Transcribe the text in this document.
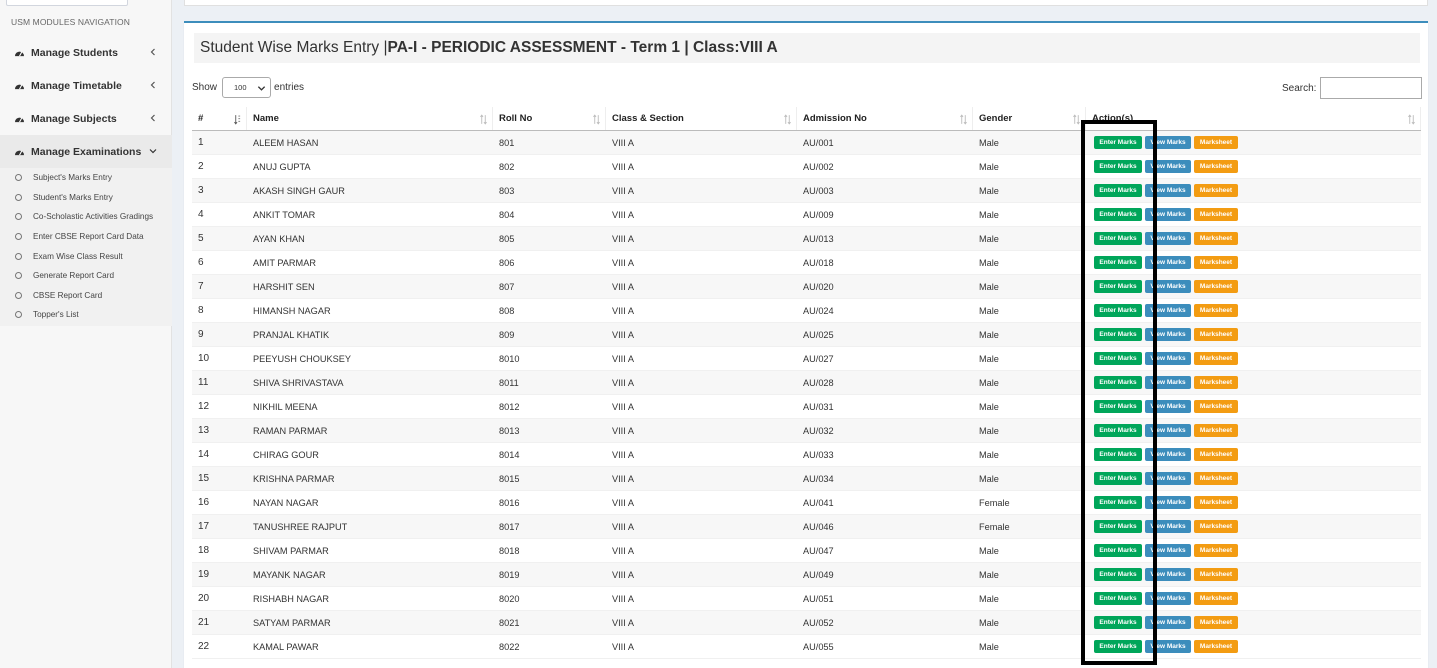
USM MODULES NAVIGATION
Manage Students
Manage Timetable
Manage Subjects
Manage Examinations
Subject's Marks Entry
Student's Marks Entry
Co-Scholastic Activities Gradings
Enter CBSE Report Card Data
Exam Wise Class Result
Generate Report Card
CBSE Report Card
Topper's List
Student Wise Marks Entry | PA-I - PERIODIC ASSESSMENT - Term 1 | Class:VIII A
Show 100	entries	Search:
#	Name	Roll No	Class & Section	Admission No	Gender	Action(s)
1	ALEEM HASAN	801	VIII A	AU/001	Male	Enter Marks	View Marks	Marksheet
2	ANUJ GUPTA	802	VIII A	AU/002	Male	Enter Marks	View Marks	Marksheet
3	AKASH SINGH GAUR	803	VIII A	AU/003	Male	Enter Marks	View Marks	Marksheet
4	ANKIT TOMAR	804	VIII A	AU/009	Male	Enter Marks	View Marks	Marksheet
5	AYAN KHAN	805	VIII A	AU/013	Male	Enter Marks	View Marks	Marksheet
6	AMIT PARMAR	806	VIII A	AU/018	Male	Enter Marks	View Marks	Marksheet
7	HARSHIT SEN	807	VIII A	AU/020	Male	Enter Marks	View Marks	Marksheet
8	HIMANSH NAGAR	808	VIII A	AU/024	Male	Enter Marks	View Marks	Marksheet
9	PRANJAL KHATIK	809	VIII A	AU/025	Male	Enter Marks	View Marks	Marksheet
10	PEEYUSH CHOUKSEY	8010	VIII A	AU/027	Male	Enter Marks	View Marks	Marksheet
11	SHIVA SHRIVASTAVA	8011	VIII A	AU/028	Male	Enter Marks	View Marks	Marksheet
12	NIKHIL MEENA	8012	VIII A	AU/031	Male	Enter Marks	View Marks	Marksheet
13	RAMAN PARMAR	8013	VIII A	AU/032	Male	Enter Marks	View Marks	Marksheet
14	CHIRAG GOUR	8014	VIII A	AU/033	Male	Enter Marks	View Marks	Marksheet
15	KRISHNA PARMAR	8015	VIII A	AU/034	Male	Enter Marks	View Marks	Marksheet
16	NAYAN NAGAR	8016	VIII A	AU/041	Female	Enter Marks	View Marks	Marksheet
17	TANUSHREE RAJPUT	8017	VIII A	AU/046	Female	Enter Marks	View Marks	Marksheet
18	SHIVAM PARMAR	8018	VIII A	AU/047	Male	Enter Marks	View Marks	Marksheet
19	MAYANK NAGAR	8019	VIII A	AU/049	Male	Enter Marks	View Marks	Marksheet
20	RISHABH NAGAR	8020	VIII A	AU/051	Male	Enter Marks	View Marks	Marksheet
21	SATYAM PARMAR	8021	VIII A	AU/052	Male	Enter Marks	View Marks	Marksheet
22	KAMAL PAWAR	8022	VIII A	AU/055	Male	Enter Marks	View Marks	Marksheet
